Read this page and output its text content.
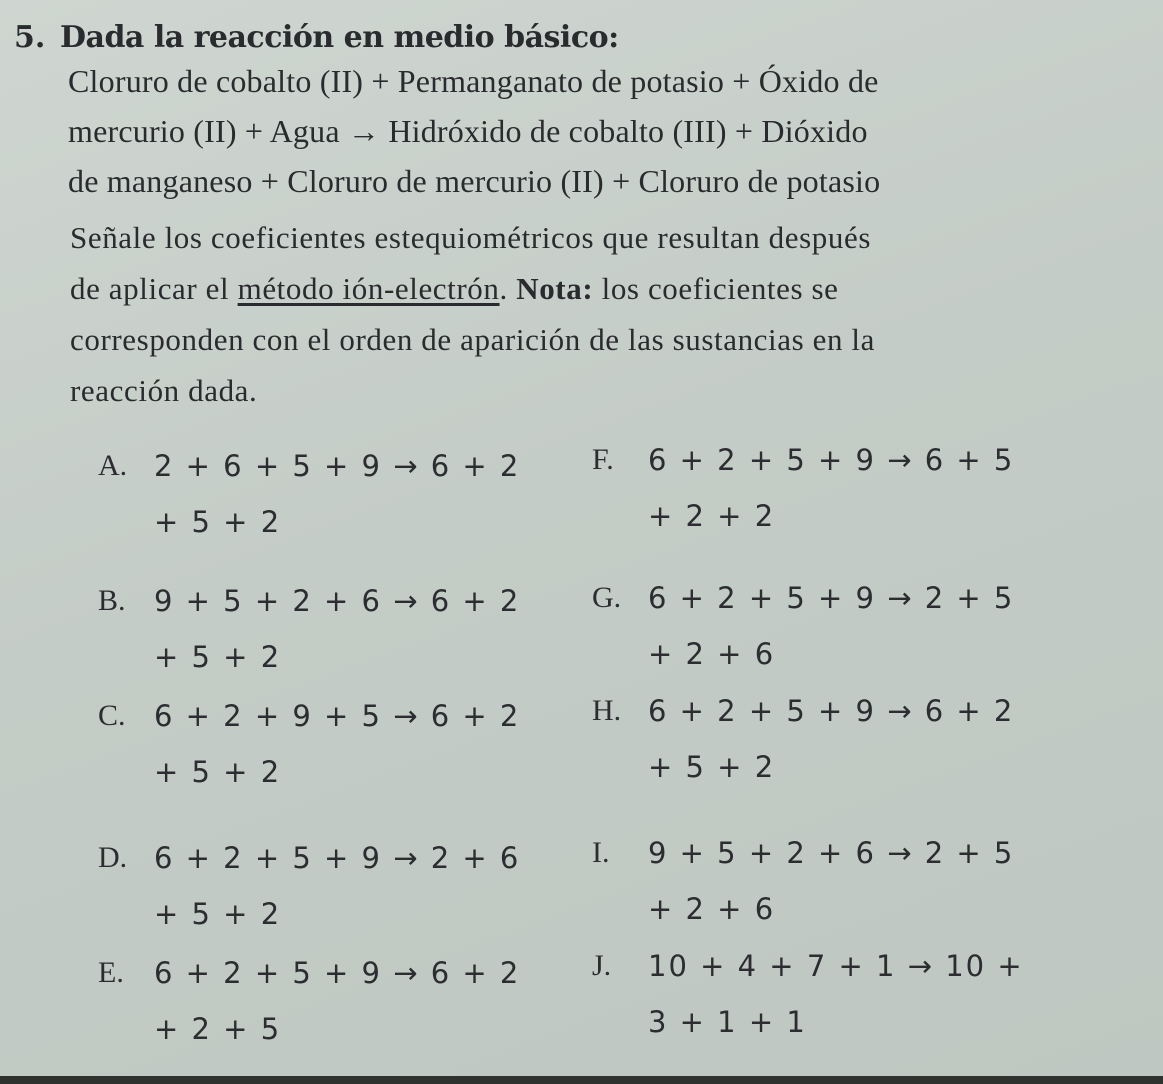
5. Dada la reacción en medio básico:
Cloruro de cobalto (II) + Permanganato de potasio + Óxido de
mercurio (II) + Agua → Hidróxido de cobalto (III) + Dióxido
de manganeso + Cloruro de mercurio (II) + Cloruro de potasio
Señale los coeficientes estequiométricos que resultan después
de aplicar el método ión-electrón. Nota: los coeficientes se
corresponden con el orden de aparición de las sustancias en la
reacción dada.
A. 2 + 6 + 5 + 9 → 6 + 2
+ 5 + 2
B. 9 + 5 + 2 + 6 → 6 + 2
+ 5 + 2
C. 6 + 2 + 9 + 5 → 6 + 2
+ 5 + 2
D. 6 + 2 + 5 + 9 → 2 + 6
+ 5 + 2
E. 6 + 2 + 5 + 9 → 6 + 2
+ 2 + 5
F. 6 + 2 + 5 + 9 → 6 + 5
+ 2 + 2
G. 6 + 2 + 5 + 9 → 2 + 5
+ 2 + 6
H. 6 + 2 + 5 + 9 → 6 + 2
+ 5 + 2
I. 9 + 5 + 2 + 6 → 2 + 5
+ 2 + 6
J. 10 + 4 + 7 + 1 → 10 +
3 + 1 + 1
